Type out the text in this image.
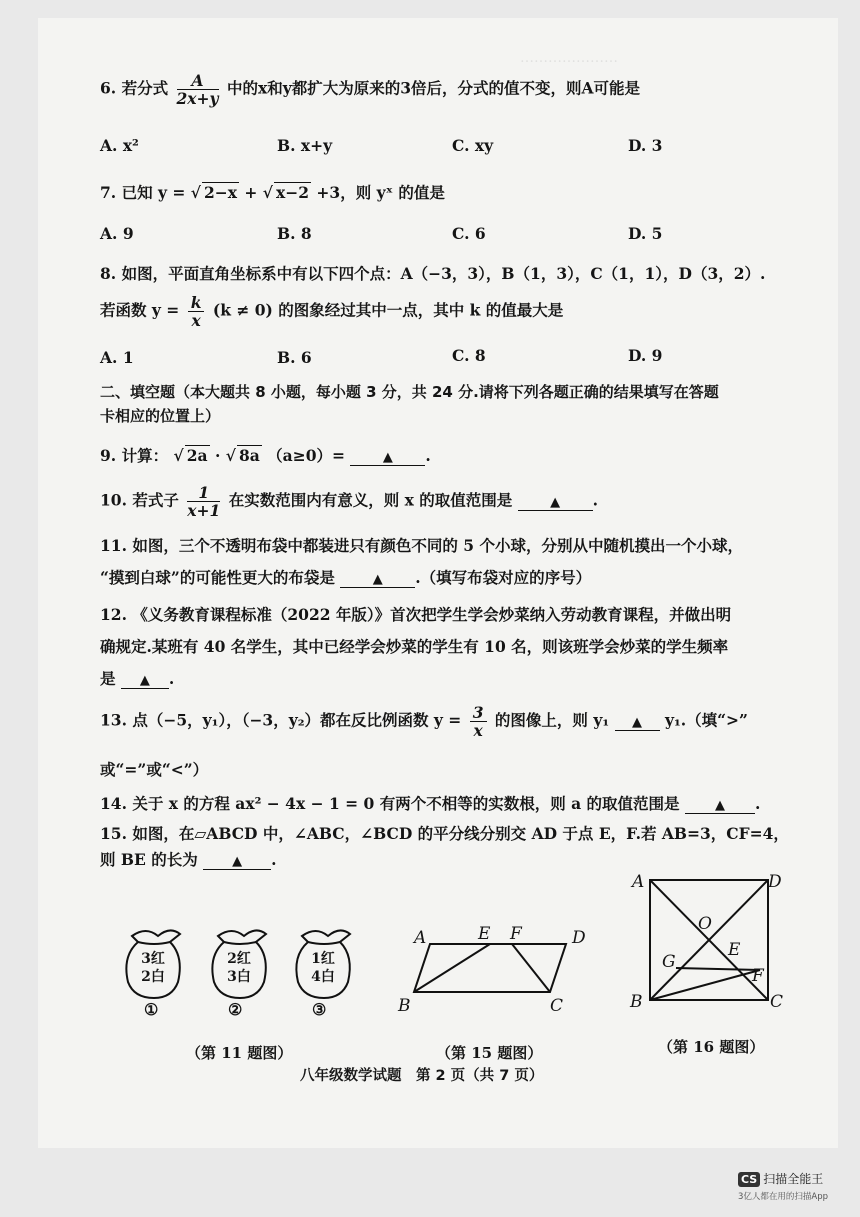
…………………
6. 若分式 $\frac{A}{2x+y}$ 中的x和y都扩大为原来的3倍后，分式的值不变，则A可能是
A. x²	B. x+y	C. xy	D. 3
7. 已知 y = √ 2−x + √ x−2 +3，则 yˣ 的值是
A. 9	B. 8	C. 6	D. 5
8. 如图，平面直角坐标系中有以下四个点：A（−3，3），B（1，3），C（1，1），D（3，2）.
若函数 $y = \frac{k}{x} (k \ne 0)$ 的图象经过其中一点，其中 k 的值最大是
A. 1	B. 6	C. 8	D. 9
二、填空题（本大题共 8 小题，每小题 3 分，共 24 分.请将下列各题正确的结果填写在答题
卡相应的位置上）
9. 计算： √ 2a · √ 8a （a≥0）=	▲ .
10. 若式子 $\frac{1}{x+1}$ 在实数范围内有意义，则 x 的取值范围是	▲ .
11. 如图，三个不透明布袋中都装进只有颜色不同的 5 个小球，分别从中随机摸出一个小球，
“摸到白球”的可能性更大的布袋是	▲ .（填写布袋对应的序号）
12. 《义务教育课程标准（2022 年版）》首次把学生学会炒菜纳入劳动教育课程，并做出明
确规定.某班有 40 名学生，其中已经学会炒菜的学生有 10 名，则该班学会炒菜的学生频率
是 ▲ .
13. 点（−5，y₁），（−3，y₂）都在反比例函数 $y = \frac{3}{x}$ 的图像上，则 y₁ ▲ y₁.（填“>”
或“=”或“<”）
14. 关于 x 的方程 ax² − 4x − 1 = 0 有两个不相等的实数根，则 a 的取值范围是	▲ .
15. 如图，在▱ABCD 中，∠ABC，∠BCD 的平分线分别交 AD 于点 E，F.若 AB=3，CF=4，
则 BE 的长为	▲ .
3红
2白
2红
3白
1红
4白
①	②	③
A	E F	D
B	C
A	D
O
G
E
F
B	C
（第 11 题图）	（第 15 题图）	（第 16 题图）
八年级数学试题　第 2 页（共 7 页）
CS 扫描全能王
3亿人都在用的扫描App
